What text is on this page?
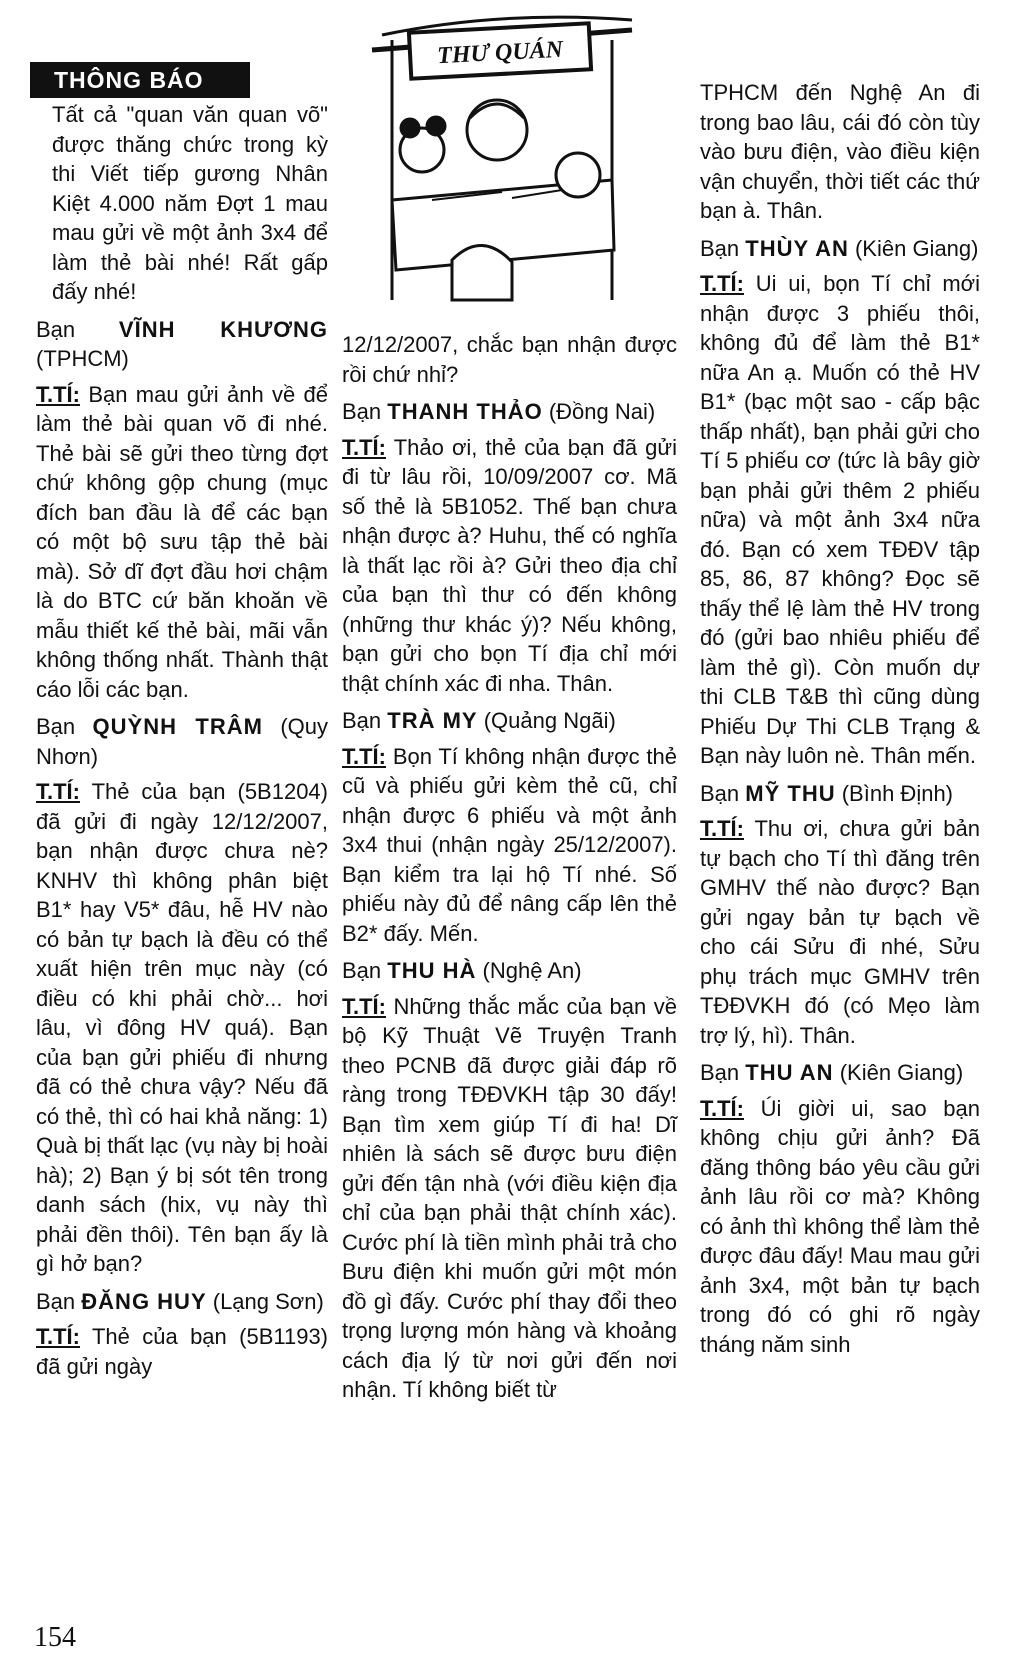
THÔNG BÁO
THƯ QUÁN

Tất cả "quan văn quan võ" được thăng chức trong kỳ thi Viết tiếp gương Nhân Kiệt 4.000 năm Đợt 1 mau mau gửi về một ảnh 3x4 để làm thẻ bài nhé! Rất gấp đấy nhé!

Bạn VĨNH KHƯƠNG (TPHCM)

T.TÍ: Bạn mau gửi ảnh về để làm thẻ bài quan võ đi nhé. Thẻ bài sẽ gửi theo từng đợt chứ không gộp chung (mục đích ban đầu là để các bạn có một bộ sưu tập thẻ bài mà). Sở dĩ đợt đầu hơi chậm là do BTC cứ băn khoăn về mẫu thiết kế thẻ bài, mãi vẫn không thống nhất. Thành thật cáo lỗi các bạn.

Bạn QUỲNH TRÂM (Quy Nhơn)

T.TÍ: Thẻ của bạn (5B1204) đã gửi đi ngày 12/12/2007, bạn nhận được chưa nè? KNHV thì không phân biệt B1* hay V5* đâu, hễ HV nào có bản tự bạch là đều có thể xuất hiện trên mục này (có điều có khi phải chờ... hơi lâu, vì đông HV quá). Bạn của bạn gửi phiếu đi nhưng đã có thẻ chưa vậy? Nếu đã có thẻ, thì có hai khả năng: 1) Quà bị thất lạc (vụ này bị hoài hà); 2) Bạn ý bị sót tên trong danh sách (hix, vụ này thì phải đền thôi). Tên bạn ấy là gì hở bạn?

Bạn ĐĂNG HUY (Lạng Sơn)

T.TÍ: Thẻ của bạn (5B1193) đã gửi ngày

12/12/2007, chắc bạn nhận được rồi chứ nhỉ?

Bạn THANH THẢO (Đồng Nai)

T.TÍ: Thảo ơi, thẻ của bạn đã gửi đi từ lâu rồi, 10/09/2007 cơ. Mã số thẻ là 5B1052. Thế bạn chưa nhận được à? Huhu, thế có nghĩa là thất lạc rồi à? Gửi theo địa chỉ của bạn thì thư có đến không (những thư khác ý)? Nếu không, bạn gửi cho bọn Tí địa chỉ mới thật chính xác đi nha. Thân.

Bạn TRÀ MY (Quảng Ngãi)

T.TÍ: Bọn Tí không nhận được thẻ cũ và phiếu gửi kèm thẻ cũ, chỉ nhận được 6 phiếu và một ảnh 3x4 thui (nhận ngày 25/12/2007). Bạn kiểm tra lại hộ Tí nhé. Số phiếu này đủ để nâng cấp lên thẻ B2* đấy. Mến.

Bạn THU HÀ (Nghệ An)

T.TÍ: Những thắc mắc của bạn về bộ Kỹ Thuật Vẽ Truyện Tranh theo PCNB đã được giải đáp rõ ràng trong TĐĐVKH tập 30 đấy! Bạn tìm xem giúp Tí đi ha! Dĩ nhiên là sách sẽ được bưu điện gửi đến tận nhà (với điều kiện địa chỉ của bạn phải thật chính xác). Cước phí là tiền mình phải trả cho Bưu điện khi muốn gửi một món đồ gì đấy. Cước phí thay đổi theo trọng lượng món hàng và khoảng cách địa lý từ nơi gửi đến nơi nhận. Tí không biết từ

TPHCM đến Nghệ An đi trong bao lâu, cái đó còn tùy vào bưu điện, vào điều kiện vận chuyển, thời tiết các thứ bạn à. Thân.

Bạn THÙY AN (Kiên Giang)

T.TÍ: Ui ui, bọn Tí chỉ mới nhận được 3 phiếu thôi, không đủ để làm thẻ B1* nữa An ạ. Muốn có thẻ HV B1* (bạc một sao - cấp bậc thấp nhất), bạn phải gửi cho Tí 5 phiếu cơ (tức là bây giờ bạn phải gửi thêm 2 phiếu nữa) và một ảnh 3x4 nữa đó. Bạn có xem TĐĐV tập 85, 86, 87 không? Đọc sẽ thấy thể lệ làm thẻ HV trong đó (gửi bao nhiêu phiếu để làm thẻ gì). Còn muốn dự thi CLB T&B thì cũng dùng Phiếu Dự Thi CLB Trạng & Bạn này luôn nè. Thân mến.

Bạn MỸ THU (Bình Định)

T.TÍ: Thu ơi, chưa gửi bản tự bạch cho Tí thì đăng trên GMHV thế nào được? Bạn gửi ngay bản tự bạch về cho cái Sửu đi nhé, Sửu phụ trách mục GMHV trên TĐĐVKH đó (có Mẹo làm trợ lý, hì). Thân.

Bạn THU AN (Kiên Giang)

T.TÍ: Úi giời ui, sao bạn không chịu gửi ảnh? Đã đăng thông báo yêu cầu gửi ảnh lâu rồi cơ mà? Không có ảnh thì không thể làm thẻ được đâu đấy! Mau mau gửi ảnh 3x4, một bản tự bạch trong đó có ghi rõ ngày tháng năm sinh

154
